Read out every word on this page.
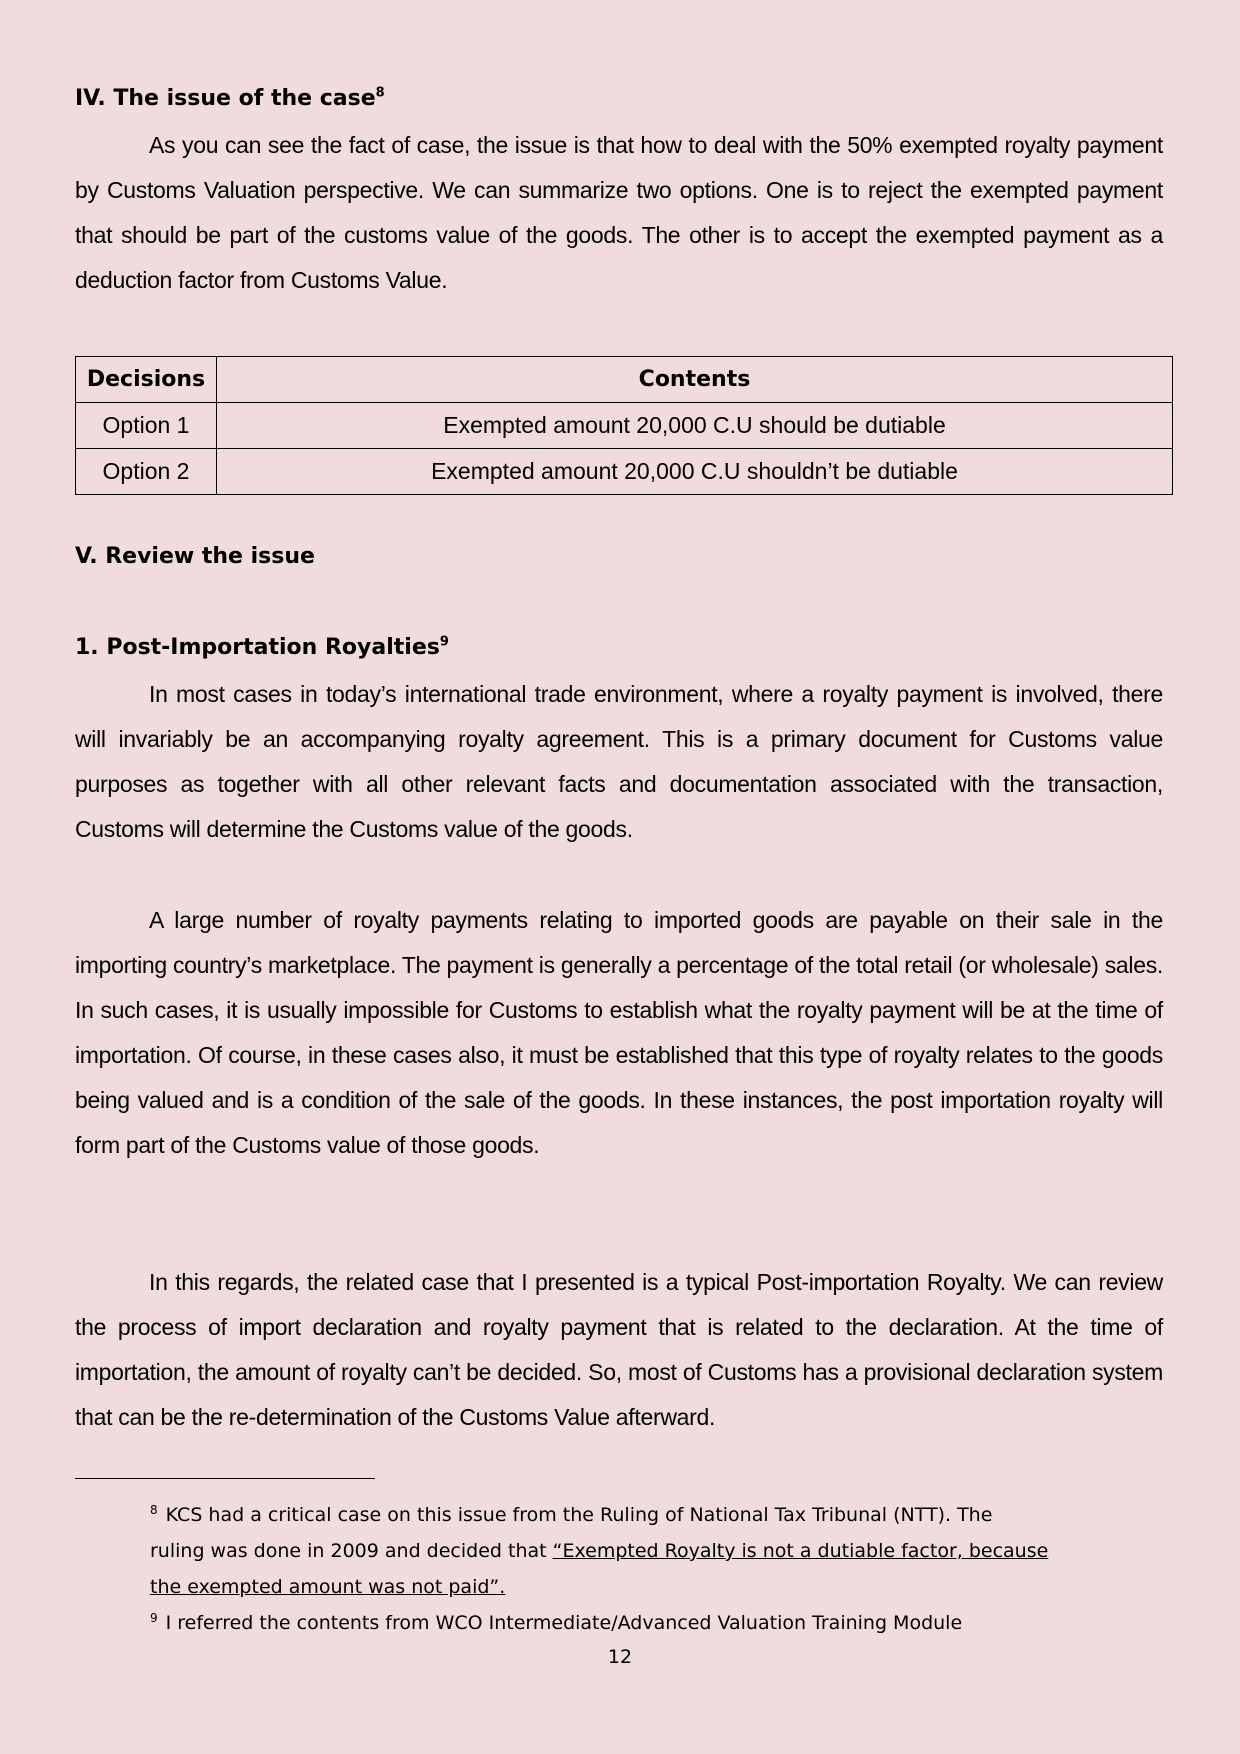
IV. The issue of the case$^8$

As you can see the fact of case, the issue is that how to deal with the 50% exempted royalty payment by Customs Valuation perspective. We can summarize two options. One is to reject the exempted payment that should be part of the customs value of the goods. The other is to accept the exempted payment as a deduction factor from Customs Value.

Decisions	Contents
Option 1	Exempted amount 20,000 C.U should be dutiable
Option 2	Exempted amount 20,000 C.U shouldn’t be dutiable
V. Review the issue
1. Post-Importation Royalties$^9$

In most cases in today’s international trade environment, where a royalty payment is involved, there will invariably be an accompanying royalty agreement. This is a primary document for Customs value purposes as together with all other relevant facts and documentation associated with the transaction, Customs will determine the Customs value of the goods.

A large number of royalty payments relating to imported goods are payable on their sale in the importing country’s marketplace. The payment is generally a percentage of the total retail (or wholesale) sales. In such cases, it is usually impossible for Customs to establish what the royalty payment will be at the time of importation. Of course, in these cases also, it must be established that this type of royalty relates to the goods being valued and is a condition of the sale of the goods. In these instances, the post importation royalty will form part of the Customs value of those goods.

In this regards, the related case that I presented is a typical Post-importation Royalty. We can review the process of import declaration and royalty payment that is related to the declaration. At the time of importation, the amount of royalty can’t be decided. So, most of Customs has a provisional declaration system that can be the re-determination of the Customs Value afterward.

$^8$ KCS had a critical case on this issue from the Ruling of National Tax Tribunal (NTT). The ruling was done in 2009 and decided that “Exempted Royalty is not a dutiable factor, because the exempted amount was not paid”.

$^9$ I referred the contents from WCO Intermediate/Advanced Valuation Training Module

12
